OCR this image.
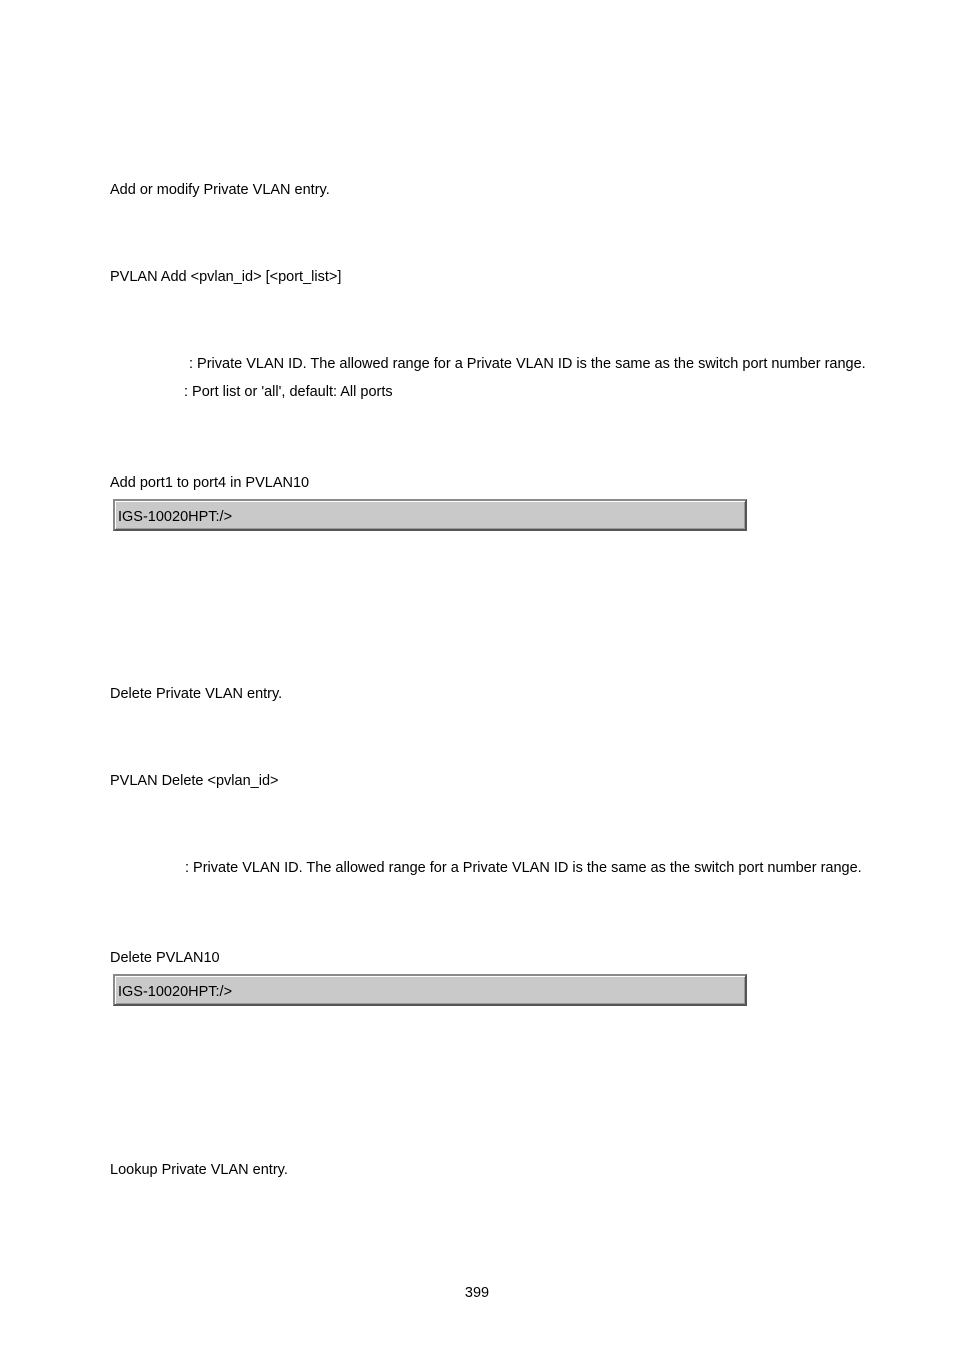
Add or modify Private VLAN entry.

PVLAN Add <pvlan_id> [<port_list>]

: Private VLAN ID. The allowed range for a Private VLAN ID is the same as the switch port number range.

: Port list or 'all', default: All ports

Add port1 to port4 in PVLAN10

IGS-10020HPT:/>

Delete Private VLAN entry.

PVLAN Delete <pvlan_id>

: Private VLAN ID. The allowed range for a Private VLAN ID is the same as the switch port number range.

Delete PVLAN10

IGS-10020HPT:/>

Lookup Private VLAN entry.

399
